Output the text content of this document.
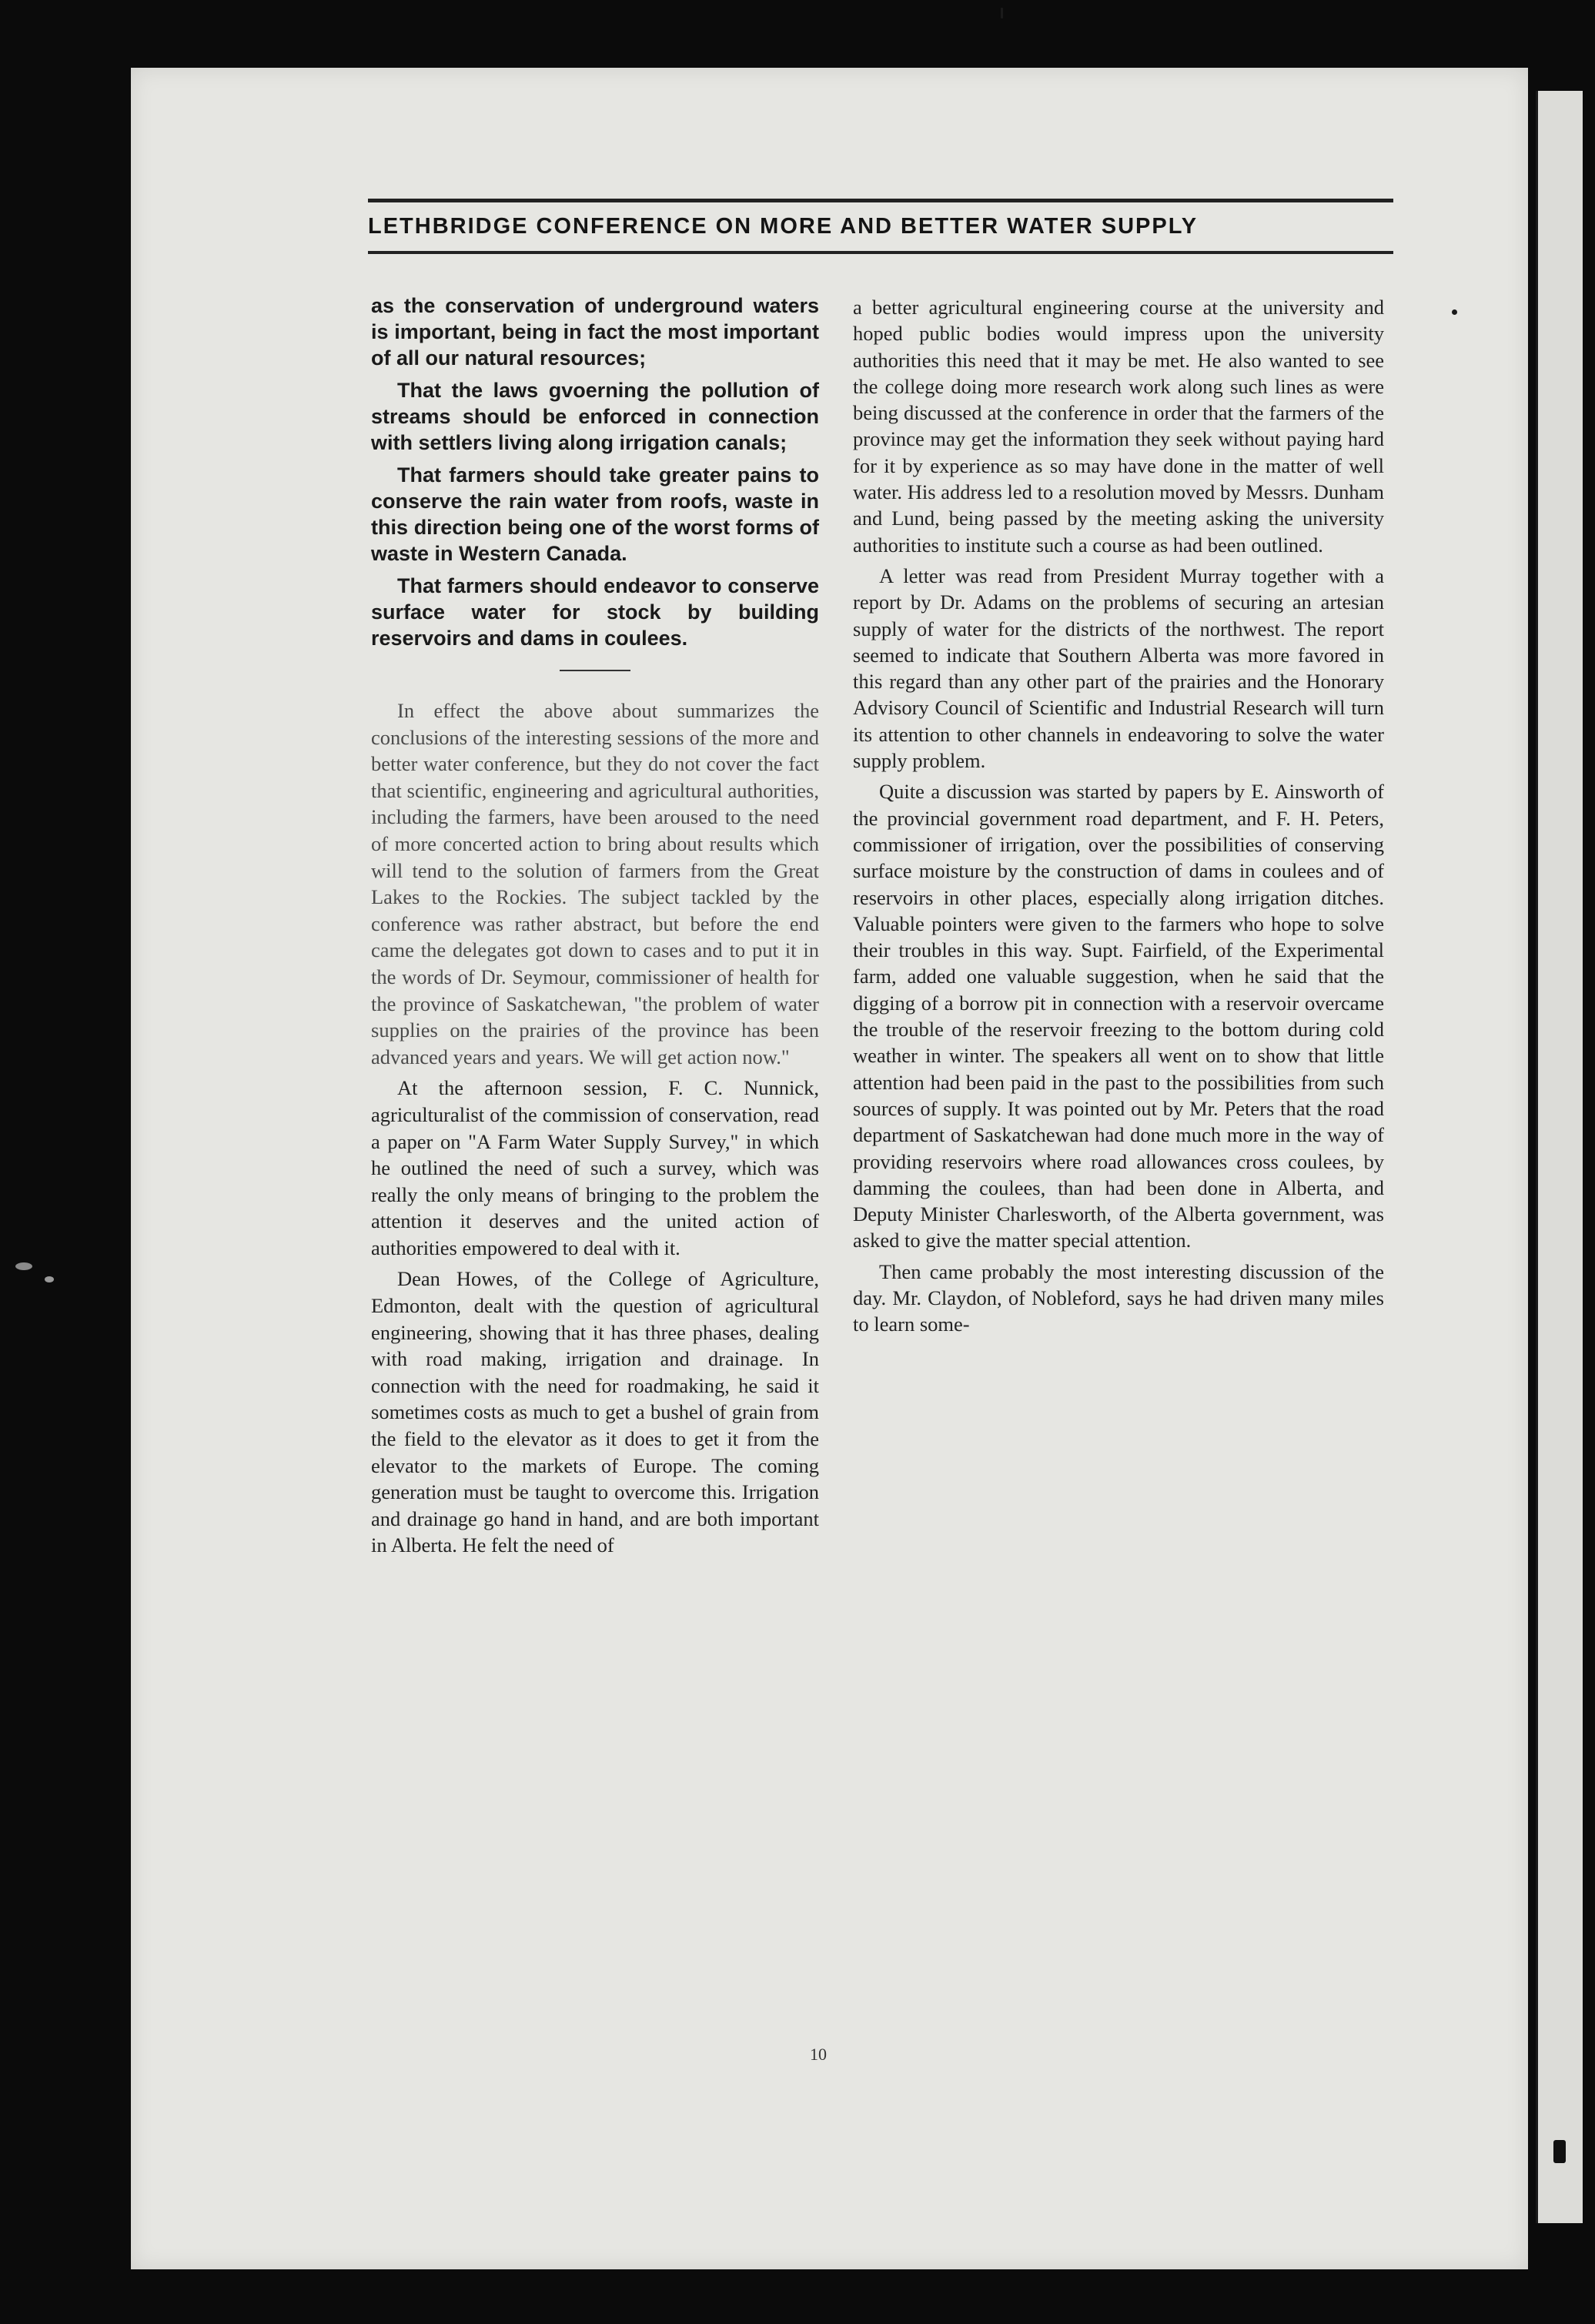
LETHBRIDGE CONFERENCE ON MORE AND BETTER WATER SUPPLY

as the conservation of underground waters is important, being in fact the most important of all our natural resources;

That the laws gvoerning the pollution of streams should be enforced in connection with settlers living along irrigation canals;

That farmers should take greater pains to conserve the rain water from roofs, waste in this direction being one of the worst forms of waste in Western Canada.

That farmers should endeavor to conserve surface water for stock by building reservoirs and dams in coulees.

In effect the above about summarizes the conclusions of the interesting sessions of the more and better water conference, but they do not cover the fact that scientific, engineering and agricultural authorities, including the farmers, have been aroused to the need of more concerted action to bring about results which will tend to the solution of farmers from the Great Lakes to the Rockies. The subject tackled by the conference was rather abstract, but before the end came the delegates got down to cases and to put it in the words of Dr. Seymour, commissioner of health for the province of Saskatchewan, "the problem of water supplies on the prairies of the province has been advanced years and years. We will get action now."

At the afternoon session, F. C. Nunnick, agriculturalist of the commission of conservation, read a paper on "A Farm Water Supply Survey," in which he outlined the need of such a survey, which was really the only means of bringing to the problem the attention it deserves and the united action of authorities empowered to deal with it.

Dean Howes, of the College of Agriculture, Edmonton, dealt with the question of agricultural engineering, showing that it has three phases, dealing with road making, irrigation and drainage. In connection with the need for roadmaking, he said it sometimes costs as much to get a bushel of grain from the field to the elevator as it does to get it from the elevator to the markets of Europe. The coming generation must be taught to overcome this. Irrigation and drainage go hand in hand, and are both important in Alberta. He felt the need of

a better agricultural engineering course at the university and hoped public bodies would impress upon the university authorities this need that it may be met. He also wanted to see the college doing more research work along such lines as were being discussed at the conference in order that the farmers of the province may get the information they seek without paying hard for it by experience as so may have done in the matter of well water. His address led to a resolution moved by Messrs. Dunham and Lund, being passed by the meeting asking the university authorities to institute such a course as had been outlined.

A letter was read from President Murray together with a report by Dr. Adams on the problems of securing an artesian supply of water for the districts of the northwest. The report seemed to indicate that Southern Alberta was more favored in this regard than any other part of the prairies and the Honorary Advisory Council of Scientific and Industrial Research will turn its attention to other channels in endeavoring to solve the water supply problem.

Quite a discussion was started by papers by E. Ainsworth of the provincial government road department, and F. H. Peters, commissioner of irrigation, over the possibilities of conserving surface moisture by the construction of dams in coulees and of reservoirs in other places, especially along irrigation ditches. Valuable pointers were given to the farmers who hope to solve their troubles in this way. Supt. Fairfield, of the Experimental farm, added one valuable suggestion, when he said that the digging of a borrow pit in connection with a reservoir overcame the trouble of the reservoir freezing to the bottom during cold weather in winter. The speakers all went on to show that little attention had been paid in the past to the possibilities from such sources of supply. It was pointed out by Mr. Peters that the road department of Saskatchewan had done much more in the way of providing reservoirs where road allowances cross coulees, by damming the coulees, than had been done in Alberta, and Deputy Minister Charlesworth, of the Alberta government, was asked to give the matter special attention.

Then came probably the most interesting discussion of the day. Mr. Claydon, of Nobleford, says he had driven many miles to learn some-

10
